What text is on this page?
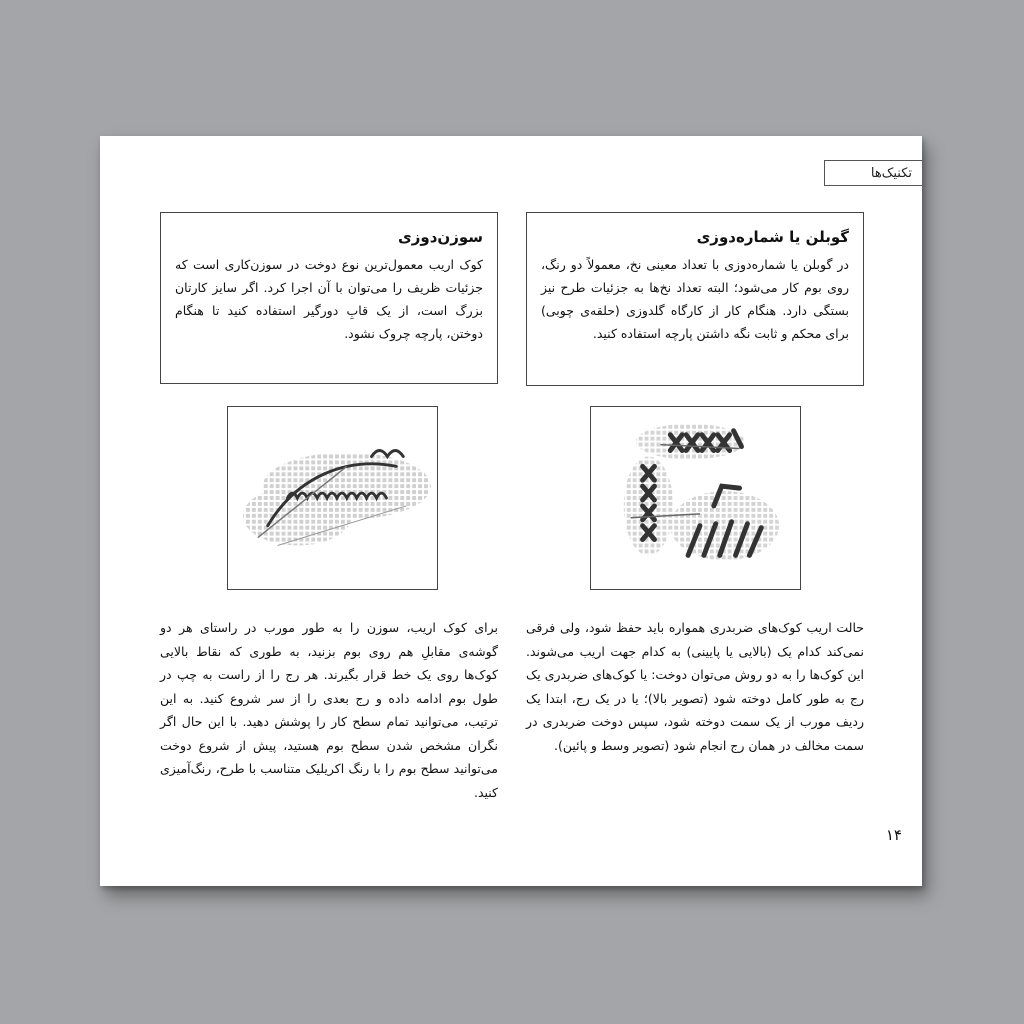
تکنیک‌ها
گوبلن یا شماره‌دوزی

در گوبلن یا شماره‌دوزی با تعداد معینی نخ، معمولاً دو رنگ، روی بوم کار می‌شود؛ البته تعداد نخ‌ها به جزئیات طرح نیز بستگی دارد. هنگام کار از کارگاه گلدوزی (حلقه‌ی چوبی) برای محکم و ثابت نگه داشتن پارچه استفاده کنید.

سوزن‌دوزی

کوک اریب معمول‌ترین نوع دوخت در سوزن‌کاری است که جزئیات ظریف را می‌توان با آن اجرا کرد. اگر سایز کارتان بزرگ است، از یک قابِ دورگیر استفاده کنید تا هنگام دوختن، پارچه چروک نشود.

حالت اریب کوک‌های ضربدری همواره باید حفظ شود، ولی فرقی نمی‌کند کدام یک (بالایی یا پایینی) به کدام جهت اریب می‌شوند. این کوک‌ها را به دو روش می‌توان دوخت: یا کوک‌های ضربدری یک رج به طور کامل دوخته شود (تصویر بالا)؛ یا در یک رج، ابتدا یک ردیف مورب از یک سمت دوخته شود، سپس دوخت ضربدری در سمت مخالف در همان رج انجام شود (تصویر وسط و پائین).

برای کوک اریب، سوزن را به طور مورب در راستای هر دو گوشه‌ی مقابلِ هم روی بوم بزنید، به طوری که نقاط بالایی کوک‌ها روی یک خط قرار بگیرند. هر رج را از راست به چپ در طول بوم ادامه داده و رج بعدی را از سر شروع کنید. به این ترتیب، می‌توانید تمام سطح کار را پوشش دهید. با این حال اگر نگران مشخص شدن سطح بوم هستید، پیش از شروع دوخت می‌توانید سطح بوم را با رنگ اکریلیک متناسب با طرح، رنگ‌آمیزی کنید.

۱۴
